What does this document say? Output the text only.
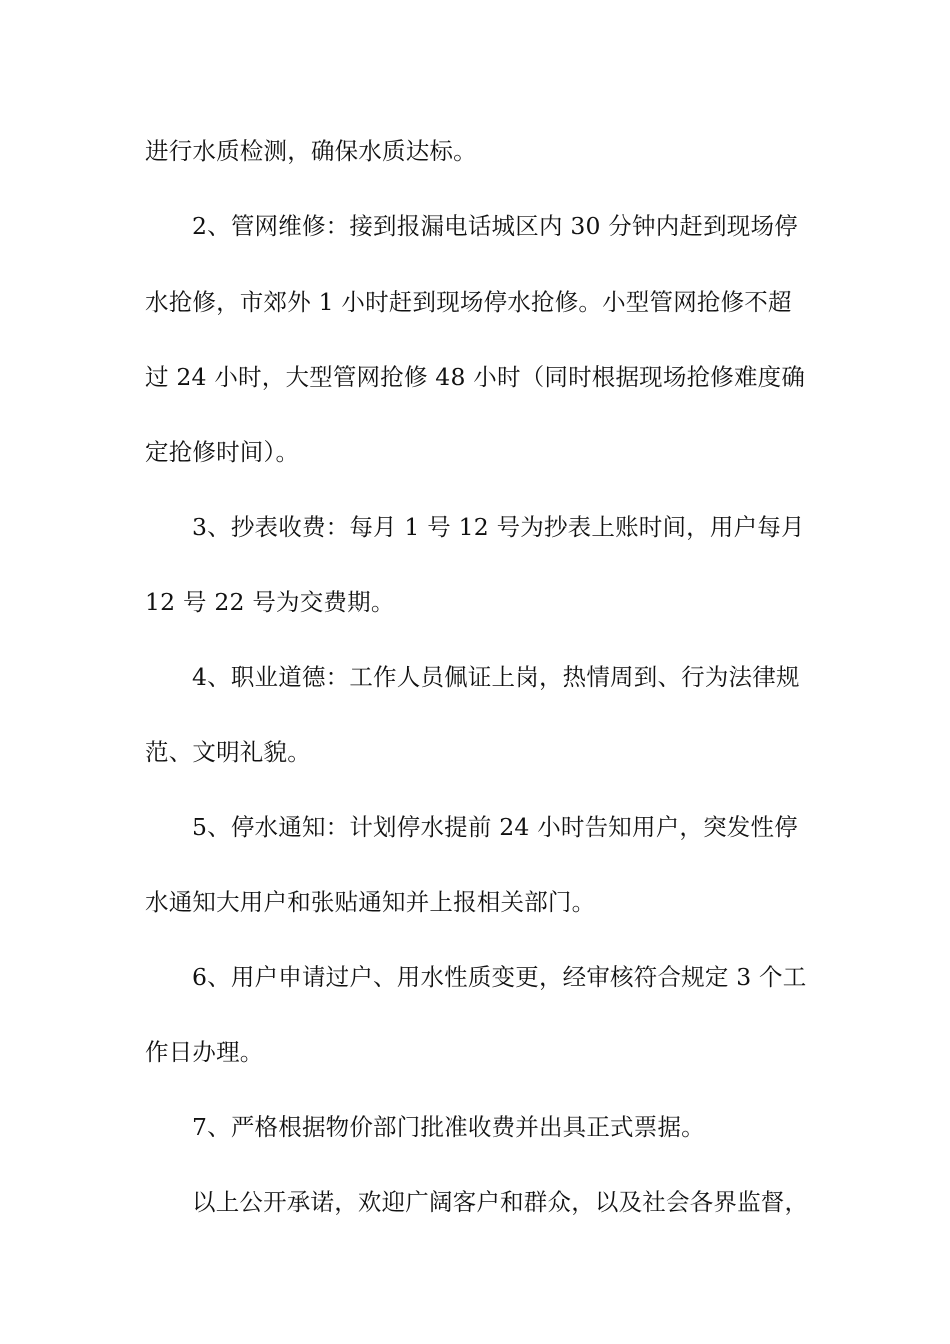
进行水质检测，确保水质达标。
2、管网维修：接到报漏电话城区内 30 分钟内赶到现场停
水抢修，市郊外 1 小时赶到现场停水抢修。小型管网抢修不超
过 24 小时，大型管网抢修 48 小时（同时根据现场抢修难度确
定抢修时间）。
3、抄表收费：每月 1 号 12 号为抄表上账时间，用户每月
12 号 22 号为交费期。
4、职业道德：工作人员佩证上岗，热情周到、行为法律规
范、文明礼貌。
5、停水通知：计划停水提前 24 小时告知用户，突发性停
水通知大用户和张贴通知并上报相关部门。
6、用户申请过户、用水性质变更，经审核符合规定 3 个工
作日办理。
7、严格根据物价部门批准收费并出具正式票据。
以上公开承诺，欢迎广阔客户和群众，以及社会各界监督，
